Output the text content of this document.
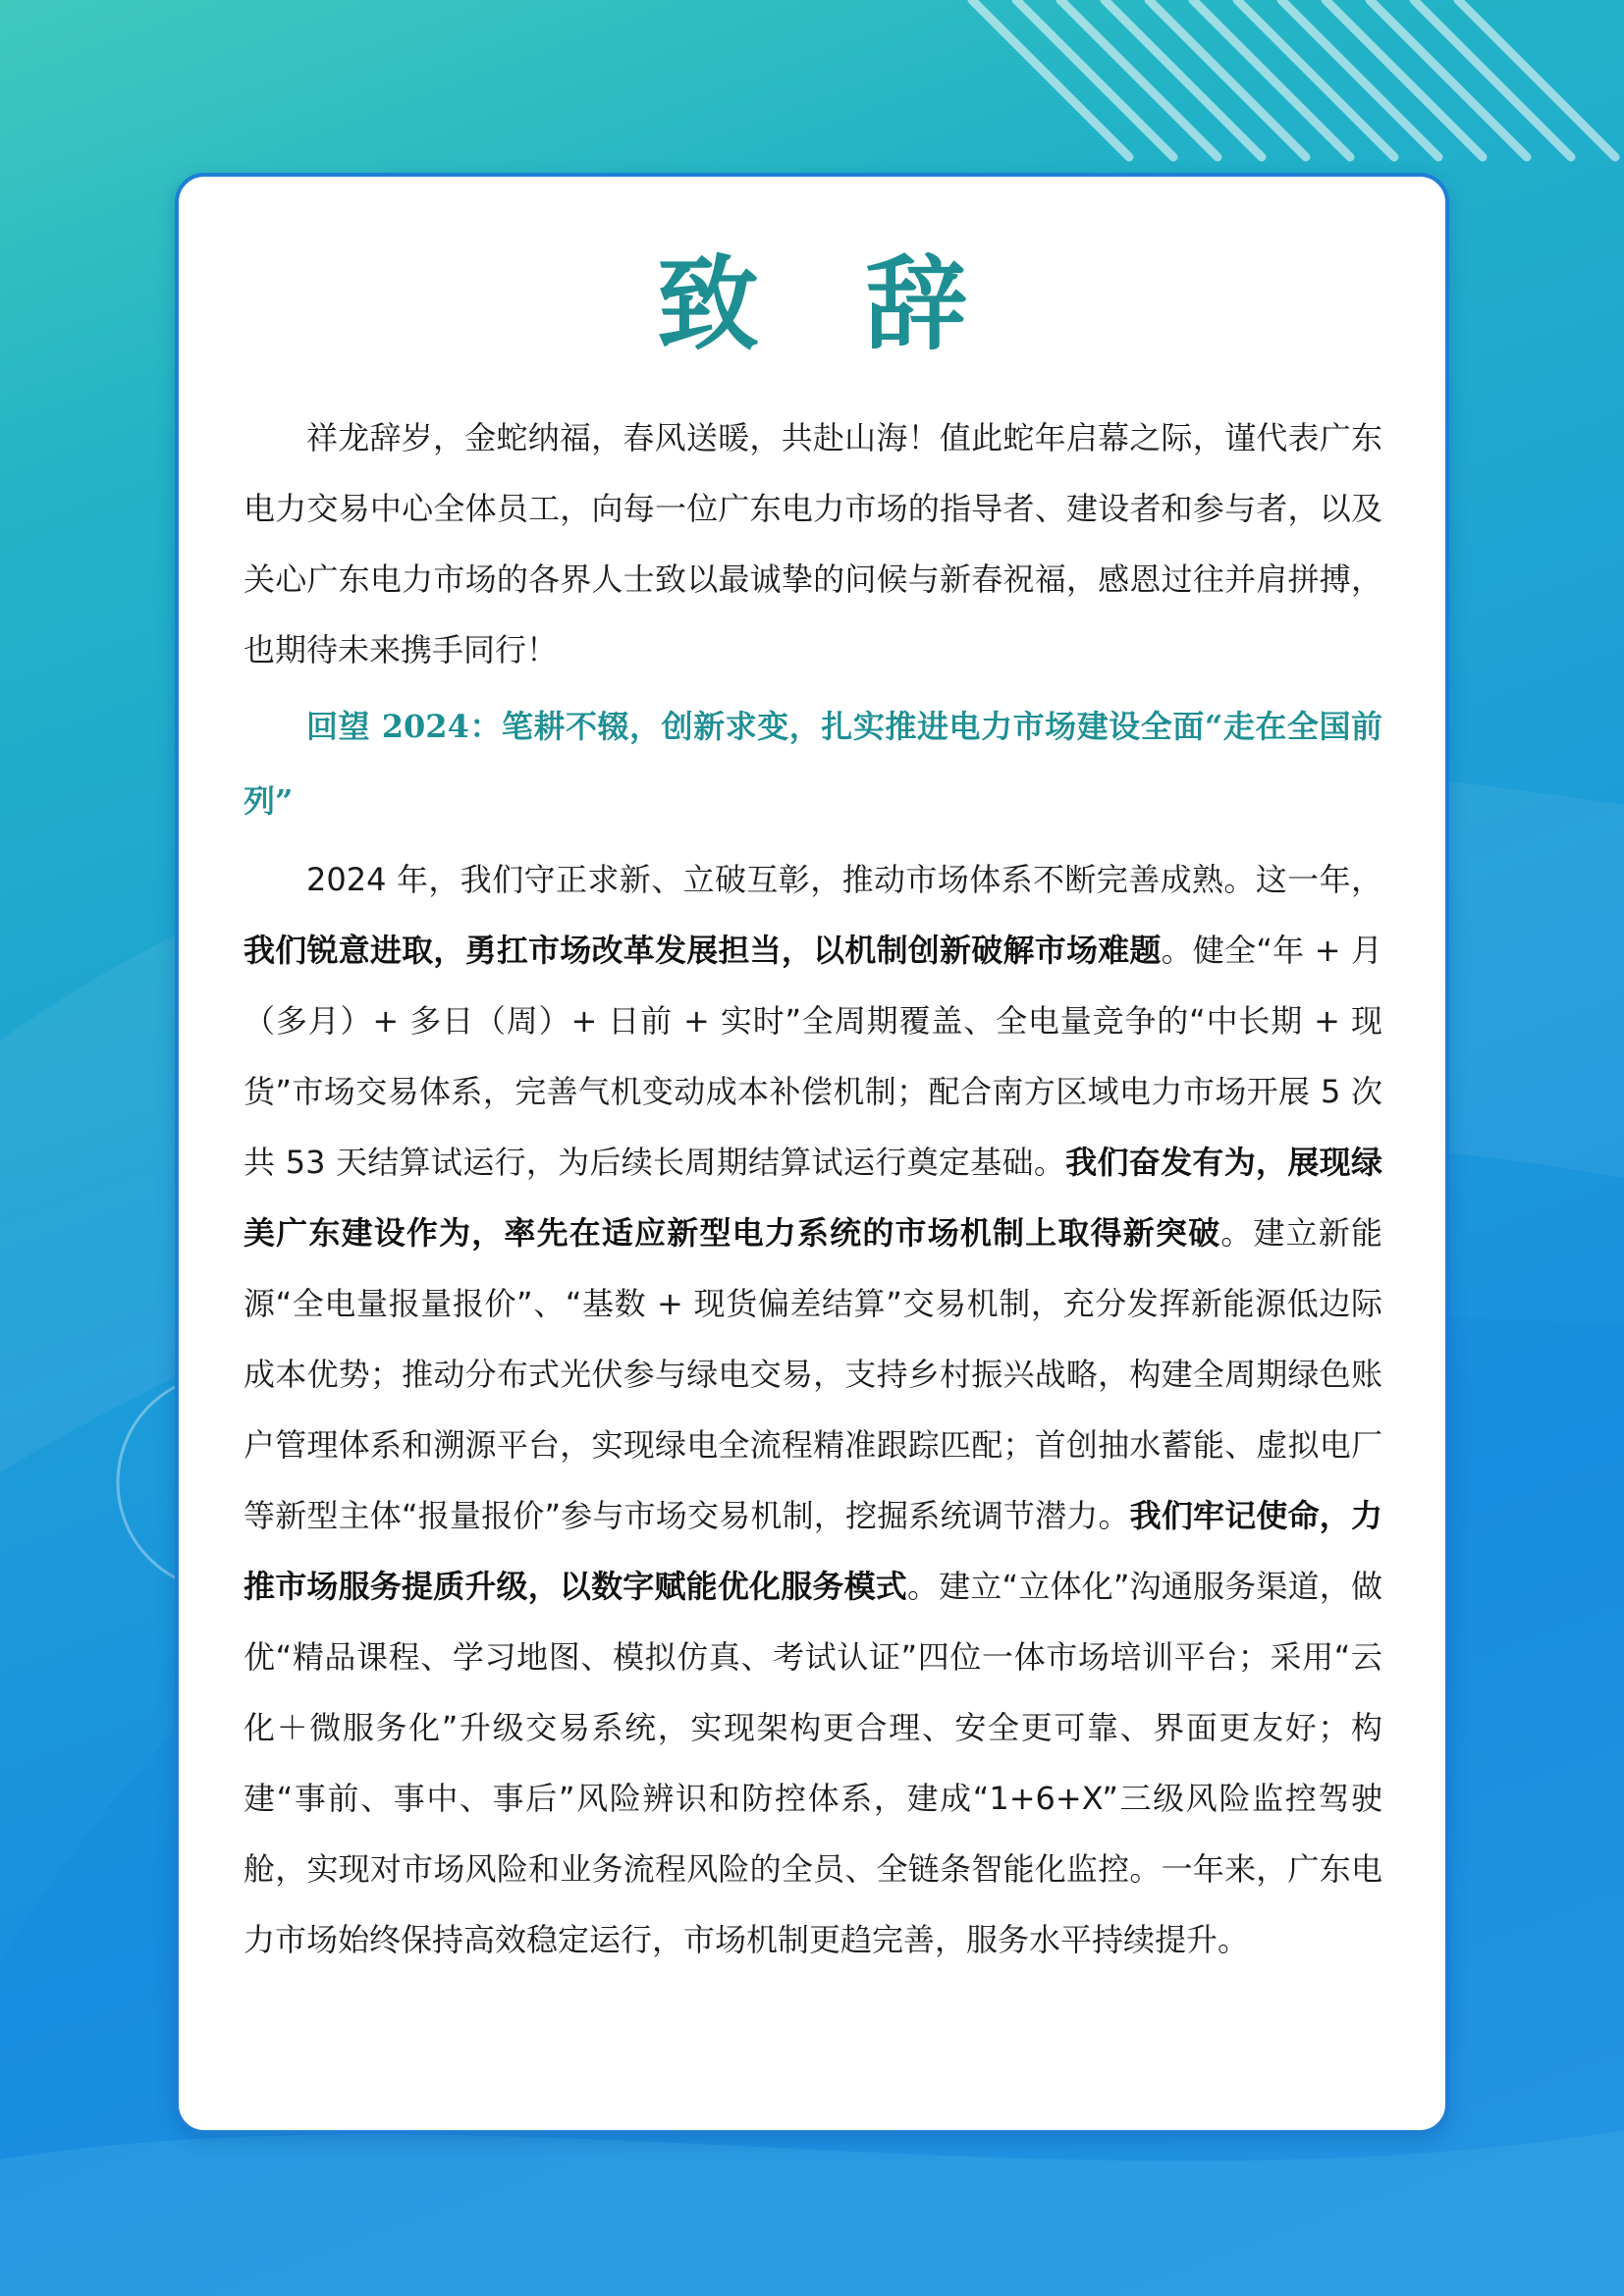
致 辞

祥龙辞岁，金蛇纳福，春风送暖，共赴山海！值此蛇年启幕之际，谨代表广东电力交易中心全体员工，向每一位广东电力市场的指导者、建设者和参与者，以及关心广东电力市场的各界人士致以最诚挚的问候与新春祝福，感恩过往并肩拼搏，也期待未来携手同行！

回望 2024：笔耕不辍，创新求变，扎实推进电力市场建设全面“走在全国前列”

2024 年，我们守正求新、立破互彰，推动市场体系不断完善成熟。这一年，我们锐意进取，勇扛市场改革发展担当，以机制创新破解市场难题。健全“年 + 月（多月）+ 多日（周）+ 日前 + 实时”全周期覆盖、全电量竞争的“中长期 + 现货”市场交易体系，完善气机变动成本补偿机制；配合南方区域电力市场开展 5 次共 53 天结算试运行，为后续长周期结算试运行奠定基础。我们奋发有为，展现绿美广东建设作为，率先在适应新型电力系统的市场机制上取得新突破。建立新能源“全电量报量报价”、“基数 + 现货偏差结算”交易机制，充分发挥新能源低边际成本优势；推动分布式光伏参与绿电交易，支持乡村振兴战略，构建全周期绿色账户管理体系和溯源平台，实现绿电全流程精准跟踪匹配；首创抽水蓄能、虚拟电厂等新型主体“报量报价”参与市场交易机制，挖掘系统调节潜力。我们牢记使命，力推市场服务提质升级，以数字赋能优化服务模式。建立“立体化”沟通服务渠道，做优“精品课程、学习地图、模拟仿真、考试认证”四位一体市场培训平台；采用“云化＋微服务化”升级交易系统，实现架构更合理、安全更可靠、界面更友好；构建“事前、事中、事后”风险辨识和防控体系，建成“1+6+X”三级风险监控驾驶舱，实现对市场风险和业务流程风险的全员、全链条智能化监控。一年来，广东电力市场始终保持高效稳定运行，市场机制更趋完善，服务水平持续提升。
